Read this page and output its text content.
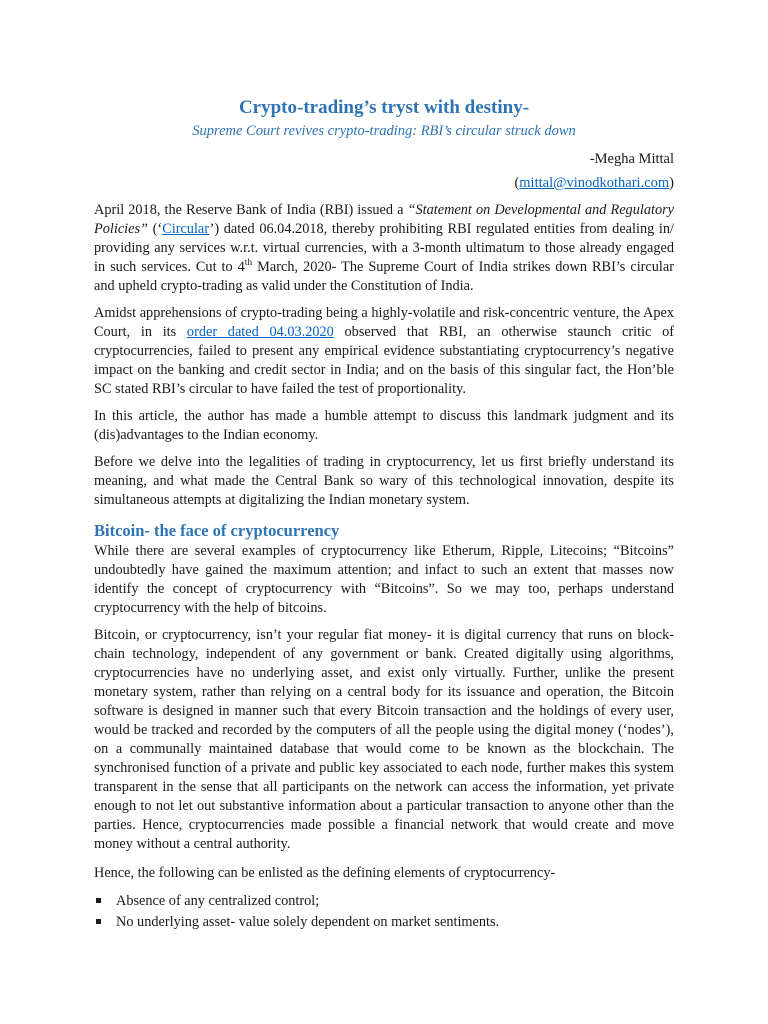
Crypto-trading’s tryst with destiny-
Supreme Court revives crypto-trading: RBI’s circular struck down
-Megha Mittal
(mittal@vinodkothari.com)

April 2018, the Reserve Bank of India (RBI) issued a “Statement on Developmental and Regulatory Policies” (‘Circular’) dated 06.04.2018, thereby prohibiting RBI regulated entities from dealing in/ providing any services w.r.t. virtual currencies, with a 3-month ultimatum to those already engaged in such services. Cut to 4th March, 2020- The Supreme Court of India strikes down RBI’s circular and upheld crypto-trading as valid under the Constitution of India.

Amidst apprehensions of crypto-trading being a highly-volatile and risk-concentric venture, the Apex Court, in its order dated 04.03.2020 observed that RBI, an otherwise staunch critic of cryptocurrencies, failed to present any empirical evidence substantiating cryptocurrency’s negative impact on the banking and credit sector in India; and on the basis of this singular fact, the Hon’ble SC stated RBI’s circular to have failed the test of proportionality.

In this article, the author has made a humble attempt to discuss this landmark judgment and its (dis)advantages to the Indian economy.

Before we delve into the legalities of trading in cryptocurrency, let us first briefly understand its meaning, and what made the Central Bank so wary of this technological innovation, despite its simultaneous attempts at digitalizing the Indian monetary system.

Bitcoin- the face of cryptocurrency

While there are several examples of cryptocurrency like Etherum, Ripple, Litecoins; “Bitcoins” undoubtedly have gained the maximum attention; and infact to such an extent that masses now identify the concept of cryptocurrency with “Bitcoins”. So we may too, perhaps understand cryptocurrency with the help of bitcoins.

Bitcoin, or cryptocurrency, isn’t your regular fiat money- it is digital currency that runs on block-chain technology, independent of any government or bank. Created digitally using algorithms, cryptocurrencies have no underlying asset, and exist only virtually. Further, unlike the present monetary system, rather than relying on a central body for its issuance and operation, the Bitcoin software is designed in manner such that every Bitcoin transaction and the holdings of every user, would be tracked and recorded by the computers of all the people using the digital money (‘nodes’), on a communally maintained database that would come to be known as the blockchain. The synchronised function of a private and public key associated to each node, further makes this system transparent in the sense that all participants on the network can access the information, yet private enough to not let out substantive information about a particular transaction to anyone other than the parties. Hence, cryptocurrencies made possible a financial network that would create and move money without a central authority.

Hence, the following can be enlisted as the defining elements of cryptocurrency-

Absence of any centralized control;
No underlying asset- value solely dependent on market sentiments.
